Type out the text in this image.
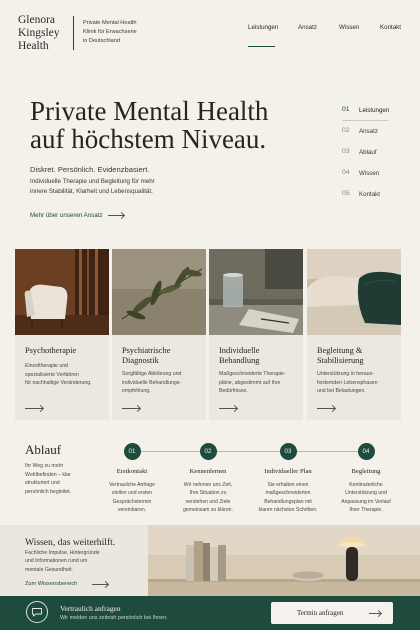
Glenora
Kingsley
Health
Private Mental Health
Klinik für Erwachsene
in Deutschland
Leistungen	Ansatz	Wissen	Kontakt
Private Mental Health
auf höchstem Niveau.
Diskret. Persönlich. Evidenzbasiert.
Individuelle Therapie und Begleitung für mehr
innere Stabilität, Klarheit und Lebensqualität.
Mehr über unseren Ansatz
01 Leistungen
02 Ansatz
03 Ablauf
04 Wissen
05 Kontakt
Psychotherapie
Einzeltherapie und
spezialisierte Verfahren
für nachhaltige Veränderung.
Psychiatrische
Diagnostik
Sorgfältige Abklärung und
individuelle Behandlungs-
empfehlung.
Individuelle
Behandlung
Maßgeschneiderte Therapie-
pläne, abgestimmt auf Ihre
Bedürfnisse.
Begleitung &
Stabilisierung
Unterstützung in heraus-
fordernden Lebensphasen
und bei Belastungen.
Ablauf
Ihr Weg zu mehr
Wohlbefinden – klar
strukturiert und
persönlich begleitet.
01
Erstkontakt
Vertrauliche Anfrage
stellen und ersten
Gesprächstermin
vereinbaren.
02
Kennenlernen
Wir nehmen uns Zeit,
Ihre Situation zu
verstehen und Ziele
gemeinsam zu klären.
03
Individueller Plan
Sie erhalten einen
maßgeschneiderten
Behandlungsplan mit
klaren nächsten Schritten.
04
Begleitung
Kontinuierliche
Unterstützung und
Anpassung im Verlauf
Ihrer Therapie.
Wissen, das weiterhilft.
Fachliche Impulse, Hintergründe
und Informationen rund um
mentale Gesundheit.
Zum Wissensbereich
Vertraulich anfragen
Wir melden uns zeitnah persönlich bei Ihnen.
Termin anfragen
